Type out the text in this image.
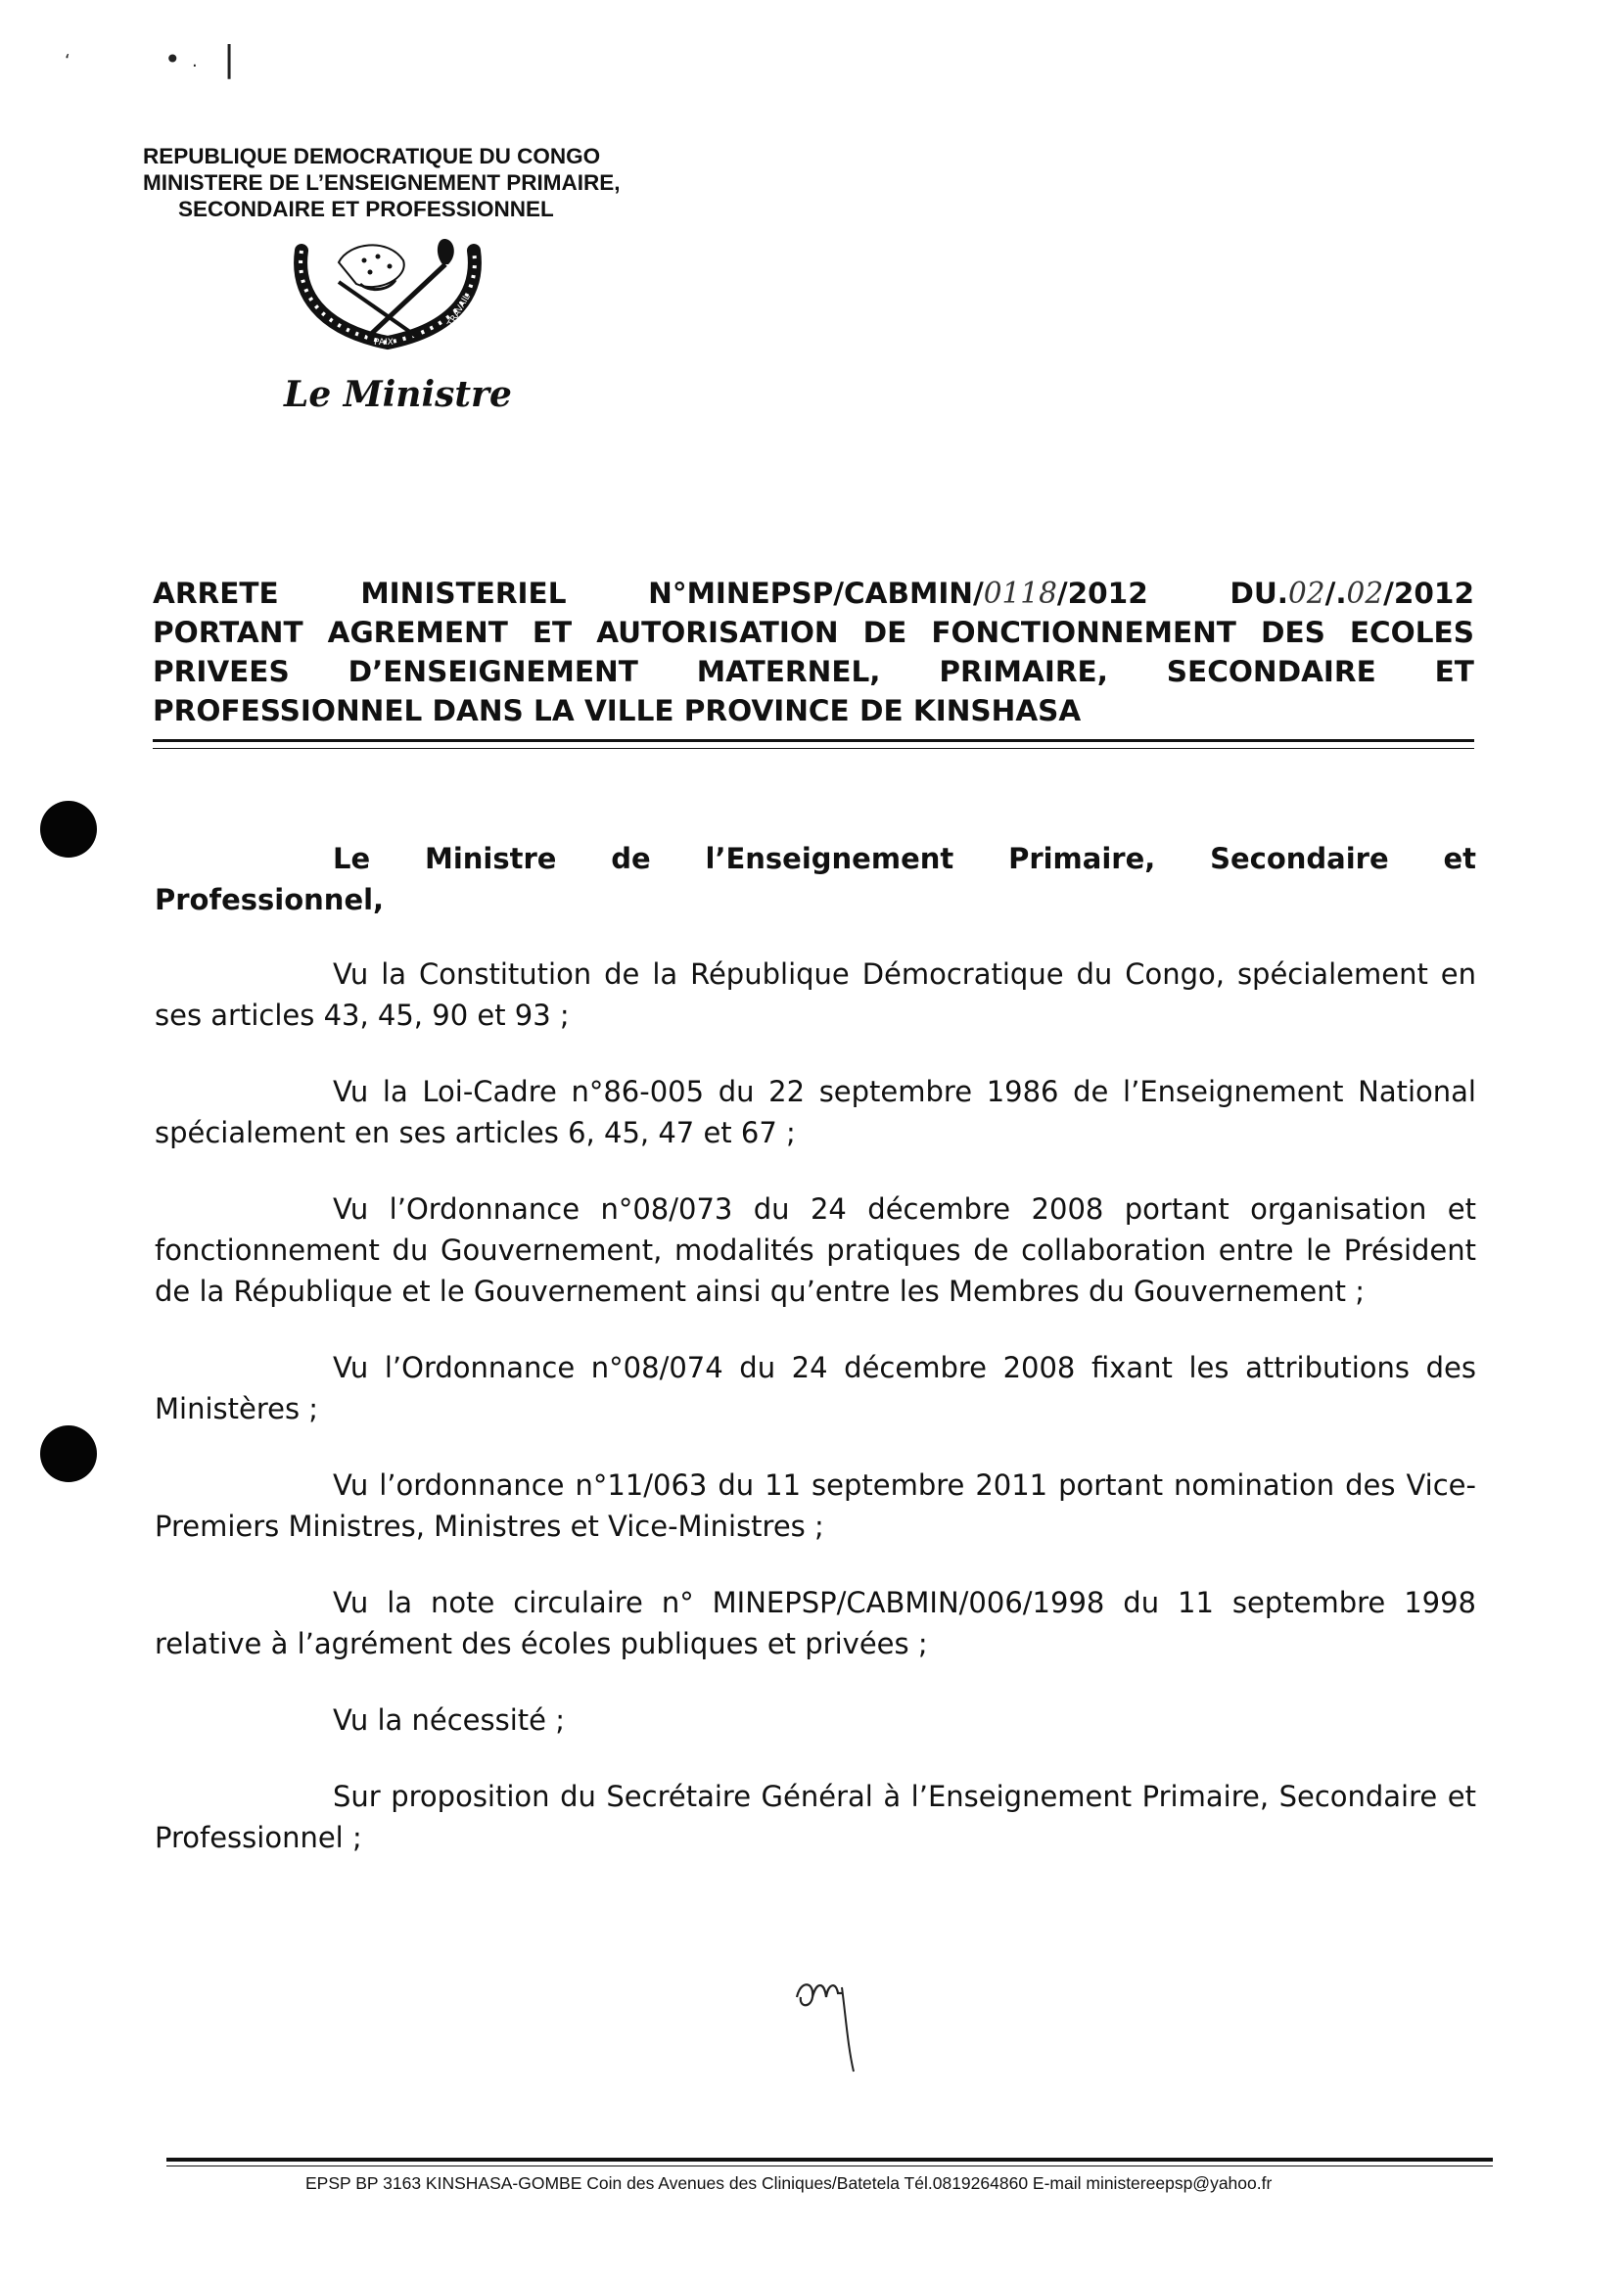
‘	• . |
REPUBLIQUE DEMOCRATIQUE DU CONGO
MINISTERE DE L’ENSEIGNEMENT PRIMAIRE,
SECONDAIRE ET PROFESSIONNEL
JUSTICE
PAIX
TRAVAIL
Le Ministre
ARRETE	MINISTERIEL	N°MINEPSP/CABMIN/0118/2012	DU.02/.02/2012
PORTANT AGREMENT ET AUTORISATION DE FONCTIONNEMENT DES ECOLES
PRIVEES D’ENSEIGNEMENT MATERNEL, PRIMAIRE, SECONDAIRE ET
PROFESSIONNEL DANS LA VILLE PROVINCE DE KINSHASA

Le Ministre de l’Enseignement Primaire, Secondaire et Professionnel,

Vu la Constitution de la République Démocratique du Congo, spécialement en ses articles 43, 45, 90 et 93 ;

Vu la Loi-Cadre n°86-005 du 22 septembre 1986 de l’Enseignement National spécialement en ses articles 6, 45, 47 et 67 ;

Vu l’Ordonnance n°08/073 du 24 décembre 2008 portant organisation et fonctionnement du Gouvernement, modalités pratiques de collaboration entre le Président de la République et le Gouvernement ainsi qu’entre les Membres du Gouvernement ;

Vu l’Ordonnance n°08/074 du 24 décembre 2008 fixant les attributions des Ministères ;

Vu l’ordonnance n°11/063 du 11 septembre 2011 portant nomination des Vice-Premiers Ministres, Ministres et Vice-Ministres ;

Vu la note circulaire n° MINEPSP/CABMIN/006/1998 du 11 septembre 1998 relative à l’agrément des écoles publiques et privées ;

Vu la nécessité ;

Sur proposition du Secrétaire Général à l’Enseignement Primaire, Secondaire et Professionnel ;

EPSP BP 3163 KINSHASA-GOMBE Coin des Avenues des Cliniques/Batetela Tél.0819264860 E-mail ministereepsp@yahoo.fr
